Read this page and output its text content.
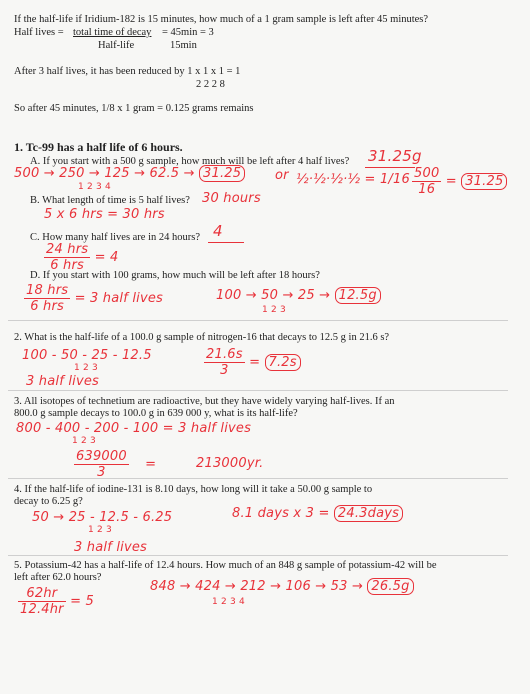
If the half-life if Iridium-182 is 15 minutes, how much of a 1 gram sample is left after 45 minutes?
Half lives = total time of decay = 45min = 3
Half-life	15min
After 3 half lives, it has been reduced by 1 x 1 x 1 = 1
2 2 2 8
So after 45 minutes, 1/8 x 1 gram = 0.125 grams remains
1. Tc-99 has a half life of 6 hours.
A. If you start with a 500 g sample, how much will be left after 4 half lives? 31.25g
500 → 250 → 125 → 62.5 → 31.25
1 2 3 4
or ½·½·½·½ = $1/16 \frac{500}{16} = 31.25$
B. What length of time is 5 half lives? 30 hours
5 x 6 hrs = 30 hrs
C. How many half lives are in 24 hours? 4
$\frac{\text{24 hrs}}{\text{6 hrs}} = 4$
D. If you start with 100 grams, how much will be left after 18 hours?
$\frac{\text{18 hrs}}{\text{6 hrs}} = 3$ half lives	100 → 50 → 25 → 12.5g
1 2 3
2. What is the half-life of a 100.0 g sample of nitrogen-16 that decays to 12.5 g in 21.6 s?
100 - 50 - 25 - 12.5
1 2 3
3 half lives
$\frac{21.6s}{3} = 7.2s$
3. All isotopes of technetium are radioactive, but they have widely varying half-lives. If an
800.0 g sample decays to 100.0 g in 639 000 y, what is its half-life?
800 - 400 - 200 - 100 = 3 half lives
1 2 3
$\frac{639000}{3}$ =	213000yr.
4. If the half-life of iodine-131 is 8.10 days, how long will it take a 50.00 g sample to
decay to 6.25 g?
50 → 25 - 12.5 - 6.25
1 2 3
3 half lives
8.1 days x 3 = 24.3days
5. Potassium-42 has a half-life of 12.4 hours. How much of an 848 g sample of potassium-42 will be
left after 62.0 hours?
$\frac{62hr}{12.4hr} = 5$
848 → 424 → 212 → 106 → 53 → 26.5g
1 2 3 4
